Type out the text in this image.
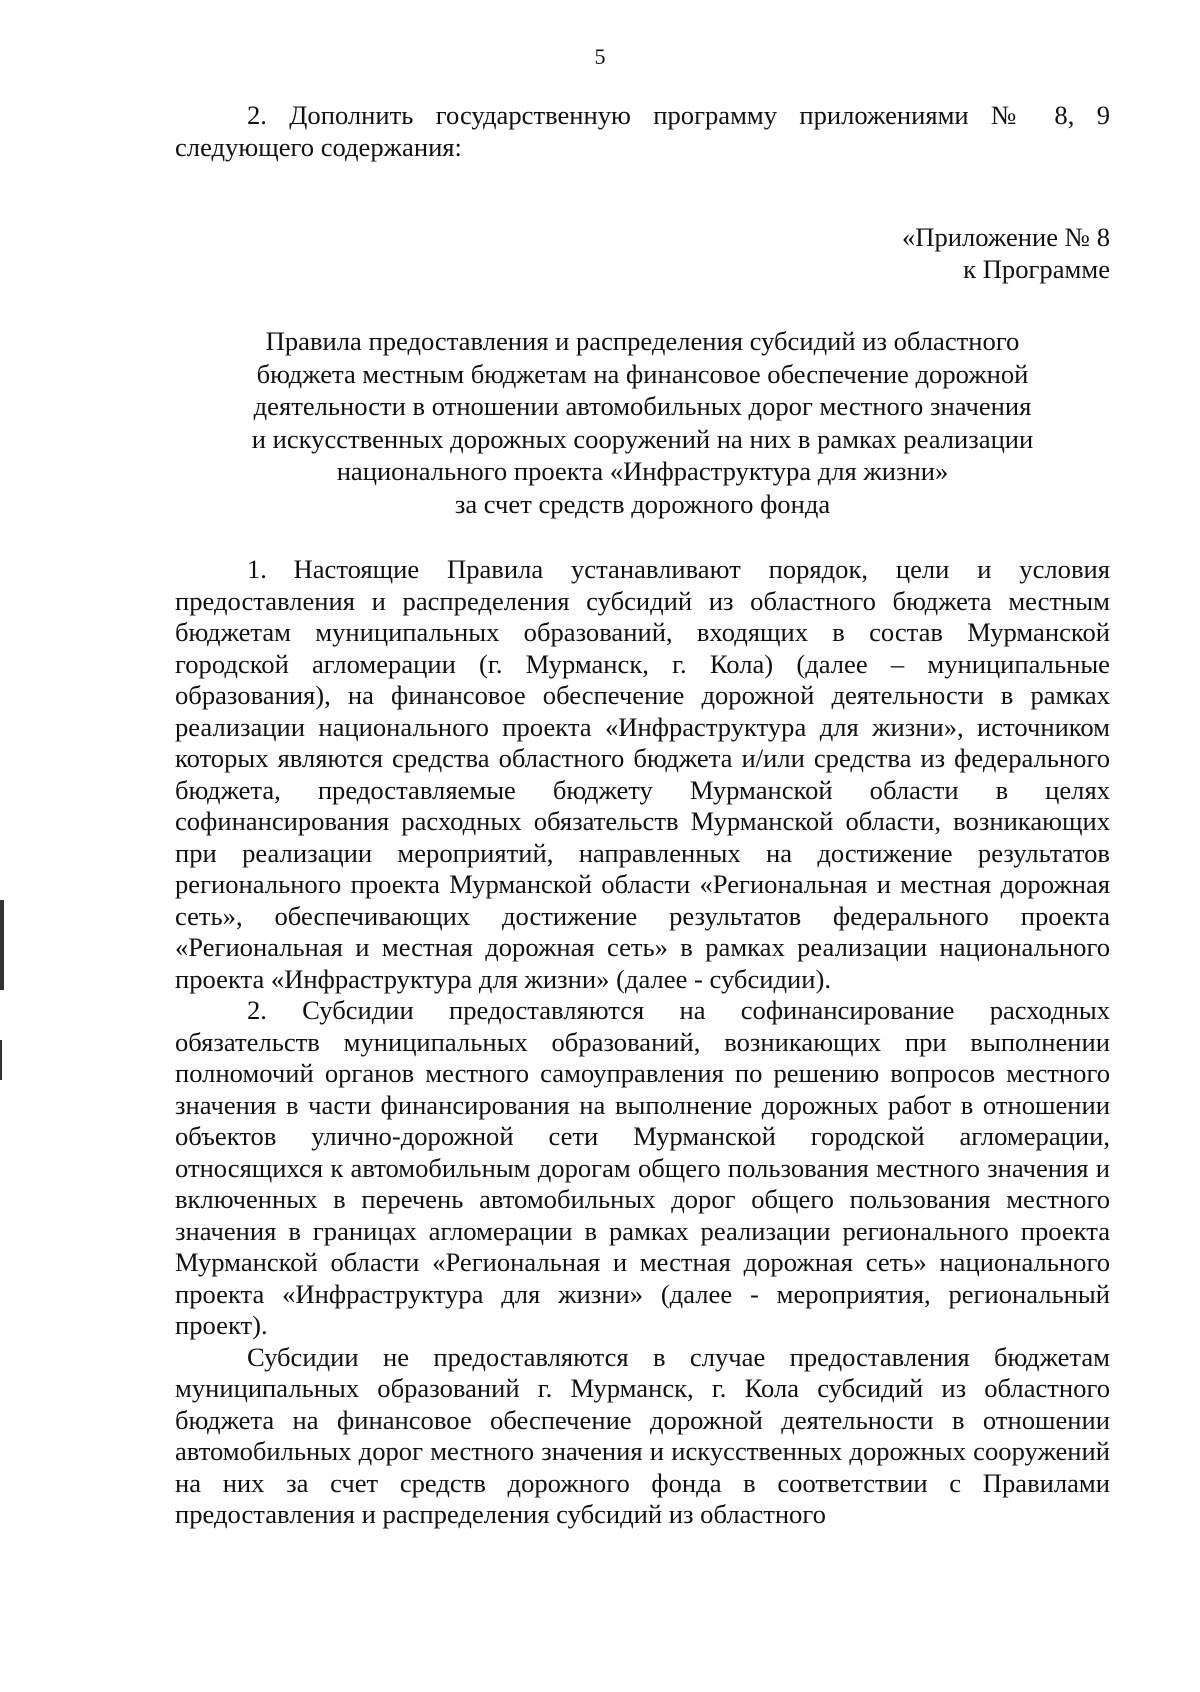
5

2. Дополнить государственную программу приложениями № 8, 9 следующего содержания:

«Приложение № 8
к Программе
Правила предоставления и распределения субсидий из областного
бюджета местным бюджетам на финансовое обеспечение дорожной
деятельности в отношении автомобильных дорог местного значения
и искусственных дорожных сооружений на них в рамках реализации
национального проекта «Инфраструктура для жизни»
за счет средств дорожного фонда

1. Настоящие Правила устанавливают порядок, цели и условия предоставления и распределения субсидий из областного бюджета местным бюджетам муниципальных образований, входящих в состав Мурманской городской агломерации (г. Мурманск, г. Кола) (далее – муниципальные образования), на финансовое обеспечение дорожной деятельности в рамках реализации национального проекта «Инфраструктура для жизни», источником которых являются средства областного бюджета и/или средства из федерального бюджета, предоставляемые бюджету Мурманской области в целях софинансирования расходных обязательств Мурманской области, возникающих при реализации мероприятий, направленных на достижение результатов регионального проекта Мурманской области «Региональная и местная дорожная сеть», обеспечивающих достижение результатов федерального проекта «Региональная и местная дорожная сеть» в рамках реализации национального проекта «Инфраструктура для жизни» (далее - субсидии).

2. Субсидии предоставляются на софинансирование расходных обязательств муниципальных образований, возникающих при выполнении полномочий органов местного самоуправления по решению вопросов местного значения в части финансирования на выполнение дорожных работ в отношении объектов улично-дорожной сети Мурманской городской агломерации, относящихся к автомобильным дорогам общего пользования местного значения и включенных в перечень автомобильных дорог общего пользования местного значения в границах агломерации в рамках реализации регионального проекта Мурманской области «Региональная и местная дорожная сеть» национального проекта «Инфраструктура для жизни» (далее - мероприятия, региональный проект).

Субсидии не предоставляются в случае предоставления бюджетам муниципальных образований г. Мурманск, г. Кола субсидий из областного бюджета на финансовое обеспечение дорожной деятельности в отношении автомобильных дорог местного значения и искусственных дорожных сооружений на них за счет средств дорожного фонда в соответствии с Правилами предоставления и распределения субсидий из областного
